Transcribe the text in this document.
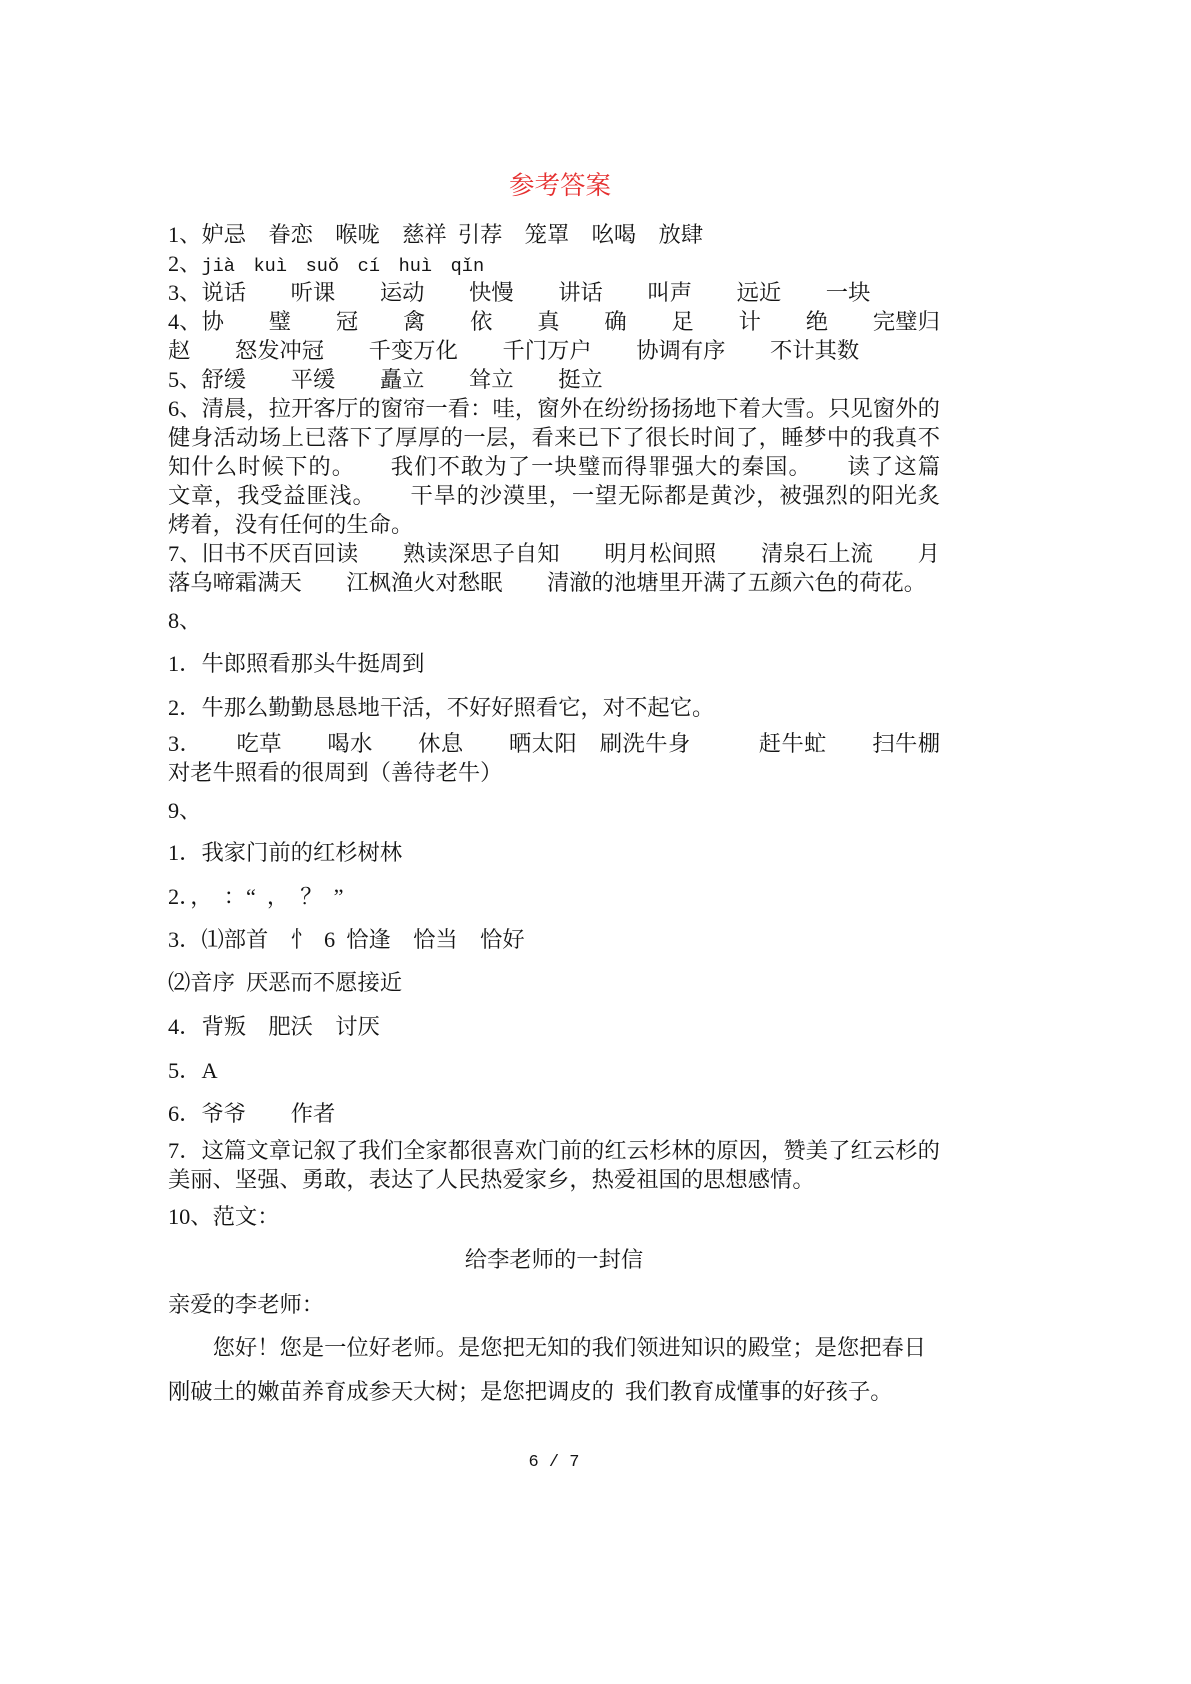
参考答案
1、妒忌　眷恋　喉咙　慈祥 引荐　笼罩　吆喝　放肆
2、jià　kuì　suǒ　cí　huì　qǐn
3、说话　　听课　　运动　　快慢　　讲话　　叫声　　远近　　一块
4、协　　璧　　冠　　禽　　依　　真　　确　　足　　计　　绝　　完璧归
赵　　怒发冲冠　　千变万化　　千门万户　　协调有序　　不计其数
5、舒缓　　平缓　　矗立　　耸立　　挺立
6、清晨，拉开客厅的窗帘一看：哇，窗外在纷纷扬扬地下着大雪。只见窗外的
健身活动场上已落下了厚厚的一层，看来已下了很长时间了，睡梦中的我真不
知什么时候下的。　　我们不敢为了一块璧而得罪强大的秦国。　　读了这篇
文章，我受益匪浅。　　干旱的沙漠里，一望无际都是黄沙，被强烈的阳光炙
烤着，没有任何的生命。
7、旧书不厌百回读　　熟读深思子自知　　明月松间照　　清泉石上流　　月
落乌啼霜满天　　江枫渔火对愁眠　　清澈的池塘里开满了五颜六色的荷花。
8、
1．牛郎照看那头牛挺周到
2．牛那么勤勤恳恳地干活，不好好照看它，对不起它。
3．　　吃草　　喝水　　休息　　晒太阳　刷洗牛身　　　赶牛虻　　扫牛棚
对老牛照看的很周到（善待老牛）
9、
1．我家门前的红杉树林
2．， ：“ ， ？ ”
3．⑴部首　忄 6 恰逢　恰当　恰好
⑵音序 厌恶而不愿接近
4．背叛　肥沃　讨厌
5．A
6．爷爷　　作者
7．这篇文章记叙了我们全家都很喜欢门前的红云杉林的原因，赞美了红云杉的
美丽、坚强、勇敢，表达了人民热爱家乡，热爱祖国的思想感情。
10、范文：
给李老师的一封信
亲爱的李老师：
　　您好！您是一位好老师。是您把无知的我们领进知识的殿堂；是您把春日
刚破土的嫩苗养育成参天大树；是您把调皮的 我们教育成懂事的好孩子。
6 / 7
